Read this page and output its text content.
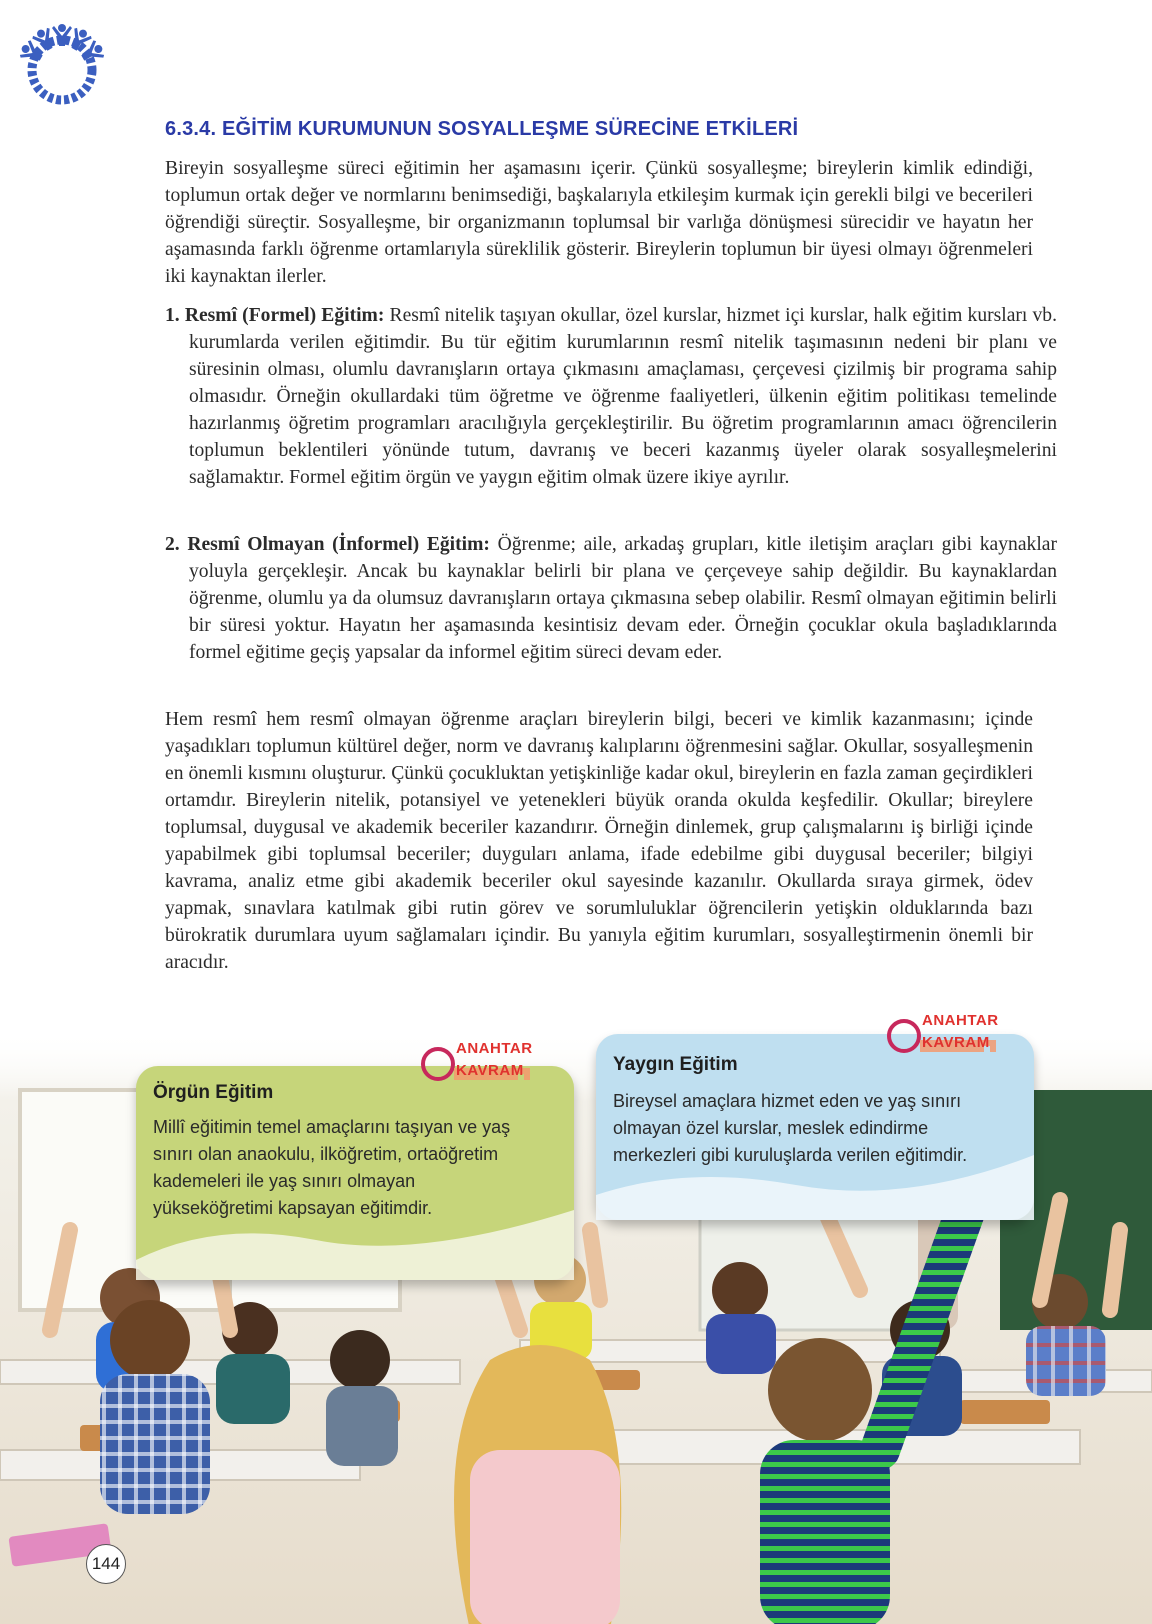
6.3.4. EĞİTİM KURUMUNUN SOSYALLEŞME SÜRECİNE ETKİLERİ

Bireyin sosyalleşme süreci eğitimin her aşamasını içerir. Çünkü sosyalleşme; bireylerin kimlik edindiği, toplumun ortak değer ve normlarını benimsediği, başkalarıyla etkileşim kurmak için gerekli bilgi ve becerileri öğrendiği süreçtir. Sosyalleşme, bir organizmanın toplumsal bir varlığa dönüşmesi sürecidir ve hayatın her aşamasında farklı öğrenme ortamlarıyla süreklilik gösterir. Bireylerin toplumun bir üyesi olmayı öğrenmeleri iki kaynaktan ilerler.

1. Resmî (Formel) Eğitim: Resmî nitelik taşıyan okullar, özel kurslar, hizmet içi kurslar, halk eğitim kursları vb. kurumlarda verilen eğitimdir. Bu tür eğitim kurumlarının resmî nitelik taşımasının nedeni bir planı ve süresinin olması, olumlu davranışların ortaya çıkmasını amaçlaması, çerçevesi çizilmiş bir programa sahip olmasıdır. Örneğin okullardaki tüm öğretme ve öğrenme faaliyetleri, ülkenin eğitim politikası temelinde hazırlanmış öğretim programları aracılığıyla gerçekleştirilir. Bu öğretim programlarının amacı öğrencilerin toplumun beklentileri yönünde tutum, davranış ve beceri kazanmış üyeler olarak sosyalleşmelerini sağlamaktır. Formel eğitim örgün ve yaygın eğitim olmak üzere ikiye ayrılır.

2. Resmî Olmayan (İnformel) Eğitim: Öğrenme; aile, arkadaş grupları, kitle iletişim araçları gibi kaynaklar yoluyla gerçekleşir. Ancak bu kaynaklar belirli bir plana ve çerçeveye sahip değildir. Bu kaynaklardan öğrenme, olumlu ya da olumsuz davranışların ortaya çıkmasına sebep olabilir. Resmî olmayan eğitimin belirli bir süresi yoktur. Hayatın her aşamasında kesintisiz devam eder. Örneğin çocuklar okula başladıklarında formel eğitime geçiş yapsalar da informel eğitim süreci devam eder.

Hem resmî hem resmî olmayan öğrenme araçları bireylerin bilgi, beceri ve kimlik kazanmasını; içinde yaşadıkları toplumun kültürel değer, norm ve davranış kalıplarını öğrenmesini sağlar. Okullar, sosyalleşmenin en önemli kısmını oluşturur. Çünkü çocukluktan yetişkinliğe kadar okul, bireylerin en fazla zaman geçirdikleri ortamdır. Bireylerin nitelik, potansiyel ve yetenekleri büyük oranda okulda keşfedilir. Okullar; bireylere toplumsal, duygusal ve akademik beceriler kazandırır. Örneğin dinlemek, grup çalışmalarını iş birliği içinde yapabilmek gibi toplumsal beceriler; duyguları anlama, ifade edebilme gibi duygusal beceriler; bilgiyi kavrama, analiz etme gibi akademik beceriler okul sayesinde kazanılır. Okullarda sıraya girmek, ödev yapmak, sınavlara katılmak gibi rutin görev ve sorumluluklar öğrencilerin yetişkin olduklarında bazı bürokratik durumlara uyum sağlamaları içindir. Bu yanıyla eğitim kurumları, sosyalleştirmenin önemli bir aracıdır.

Örgün Eğitim
Millî eğitimin temel amaçlarını taşıyan ve yaş sınırı olan anaokulu, ilköğretim, ortaöğretim kademeleri ile yaş sınırı olmayan yükseköğretimi kapsayan eğitimdir.
Yaygın Eğitim
Bireysel amaçlara hizmet eden ve yaş sınırı olmayan özel kurslar, meslek edindirme merkezleri gibi kuruluşlarda verilen eğitimdir.
ANAHTAR
KAVRAM
ANAHTAR
KAVRAM
144
